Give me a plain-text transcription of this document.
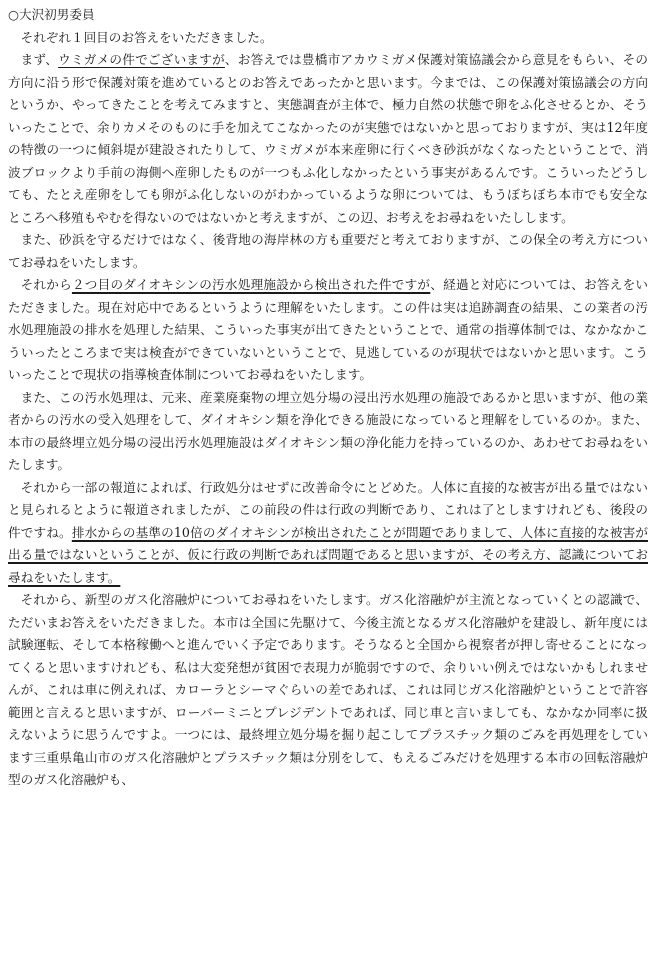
○大沢初男委員

それぞれ１回目のお答えをいただきました。

まず、ウミガメの件でございますが、お答えでは豊橋市アカウミガメ保護対策協議会から意見をもらい、その方向に沿う形で保護対策を進めているとのお答えであったかと思います。今までは、この保護対策協議会の方向というか、やってきたことを考えてみますと、実態調査が主体で、極力自然の状態で卵をふ化させるとか、そういったことで、余りカメそのものに手を加えてこなかったのが実態ではないかと思っておりますが、実は12年度の特徴の一つに傾斜堤が建設されたりして、ウミガメが本来産卵に行くべき砂浜がなくなったということで、消波ブロックより手前の海側へ産卵したものが一つもふ化しなかったという事実があるんです。こういったどうしても、たとえ産卵をしても卵がふ化しないのがわかっているような卵については、もうぼちぼち本市でも安全なところへ移殖もやむを得ないのではないかと考えますが、この辺、お考えをお尋ねをいたしします。

また、砂浜を守るだけではなく、後背地の海岸林の方も重要だと考えておりますが、この保全の考え方についてお尋ねをいたします。

それから２つ目のダイオキシンの汚水処理施設から検出された件ですが、経過と対応については、お答えをいただきました。現在対応中であるというように理解をいたします。この件は実は追跡調査の結果、この業者の汚水処理施設の排水を処理した結果、こういった事実が出てきたということで、通常の指導体制では、なかなかこういったところまで実は検査ができていないということで、見逃しているのが現状ではないかと思います。こういったことで現状の指導検査体制についてお尋ねをいたします。

また、この汚水処理は、元来、産業廃棄物の埋立処分場の浸出汚水処理の施設であるかと思いますが、他の業者からの汚水の受入処理をして、ダイオキシン類を浄化できる施設になっていると理解をしているのか。また、本市の最終埋立処分場の浸出汚水処理施設はダイオキシン類の浄化能力を持っているのか、あわせてお尋ねをいたします。

それから一部の報道によれば、行政処分はせずに改善命令にとどめた。人体に直接的な被害が出る量ではないと見られるとように報道されましたが、この前段の件は行政の判断であり、これは了としますけれども、後段の件ですね。排水からの基準の10倍のダイオキシンが検出されたことが問題でありまして、人体に直接的な被害が出る量ではないということが、仮に行政の判断であれば問題であると思いますが、その考え方、認識についてお尋ねをいたします。

それから、新型のガス化溶融炉についてお尋ねをいたします。ガス化溶融炉が主流となっていくとの認識で、ただいまお答えをいただきました。本市は全国に先駆けて、今後主流となるガス化溶融炉を建設し、新年度には試験運転、そして本格稼働へと進んでいく予定であります。そうなると全国から視察者が押し寄せることになってくると思いますけれども、私は大変発想が貧困で表現力が脆弱ですので、余りいい例えではないかもしれませんが、これは車に例えれば、カローラとシーマぐらいの差であれば、これは同じガス化溶融炉ということで許容範囲と言えると思いますが、ローバーミニとプレジデントであれば、同じ車と言いましても、なかなか同率に扱えないように思うんですよ。一つには、最終埋立処分場を掘り起こしてプラスチック類のごみを再処理をしています三重県亀山市のガス化溶融炉とプラスチック類は分別をして、もえるごみだけを処理する本市の回転溶融炉型のガス化溶融炉も、
